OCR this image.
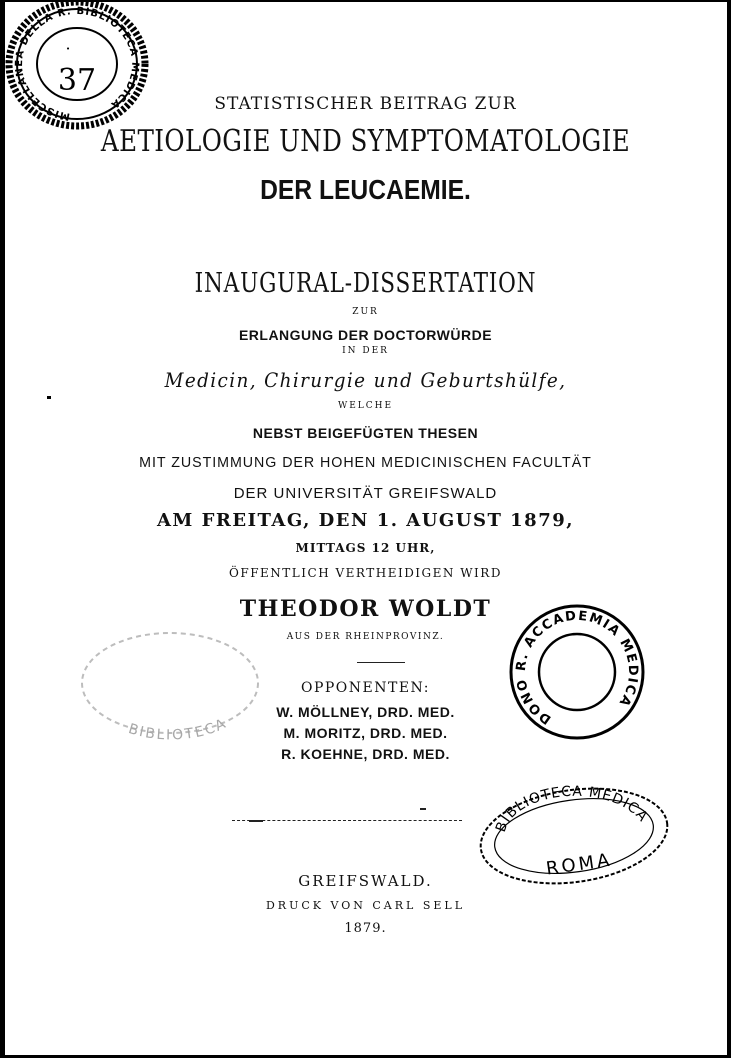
MISCELLANEA DELLA R. BIBLIOTECA MEDICA
37
·
STATISTISCHER BEITRAG ZUR
AETIOLOGIE UND SYMPTOMATOLOGIE
DER LEUCAEMIE.
INAUGURAL-DISSERTATION
ZUR
ERLANGUNG DER DOCTORWÜRDE
IN DER
Medicin, Chirurgie und Geburtshülfe,
WELCHE
NEBST BEIGEFÜGTEN THESEN
MIT ZUSTIMMUNG DER HOHEN MEDICINISCHEN FACULTÄT
DER UNIVERSITÄT GREIFSWALD
AM FREITAG, DEN 1. AUGUST 1879,
MITTAGS 12 UHR,
ÖFFENTLICH VERTHEIDIGEN WIRD
THEODOR WOLDT
AUS DER RHEINPROVINZ.
OPPONENTEN:
W. MÖLLNEY, DRD. MED.
M. MORITZ, DRD. MED.
R. KOEHNE, DRD. MED.
GREIFSWALD.
DRUCK VON CARL SELL
1879.
DONO R. ACCADEMIA MEDICA
BIBLIOTECA MEDICA
ROMA
BIBLIOTECA
